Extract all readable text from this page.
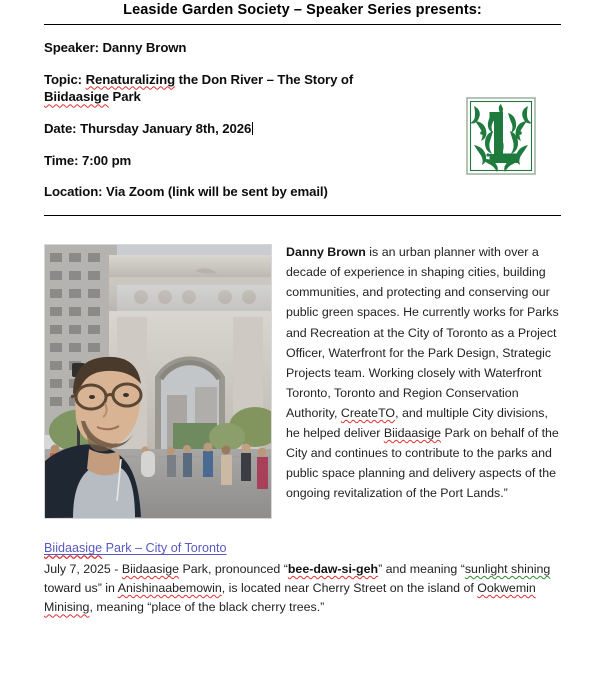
Leaside Garden Society – Speaker Series presents:
Speaker: Danny Brown
Topic: Renaturalizing the Don River – The Story of
Biidaasige Park
Date: Thursday January 8th, 2026
Time: 7:00 pm
Location: Via Zoom (link will be sent by email)
Danny Brown is an urban planner with over a decade of experience in shaping cities, building communities, and protecting and conserving our public green spaces. He currently works for Parks and Recreation at the City of Toronto as a Project Officer, Waterfront for the Park Design, Strategic Projects team. Working closely with Waterfront Toronto, Toronto and Region Conservation Authority, CreateTO, and multiple City divisions, he helped deliver Biidaasige Park on behalf of the City and continues to contribute to the parks and public space planning and delivery aspects of the ongoing revitalization of the Port Lands.”
Biidaasige Park – City of Toronto
July 7, 2025 - Biidaasige Park, pronounced “bee-daw-si-geh” and meaning “sunlight shining toward us” in Anishinaabemowin, is located near Cherry Street on the island of Ookwemin Minising, meaning “place of the black cherry trees.”
